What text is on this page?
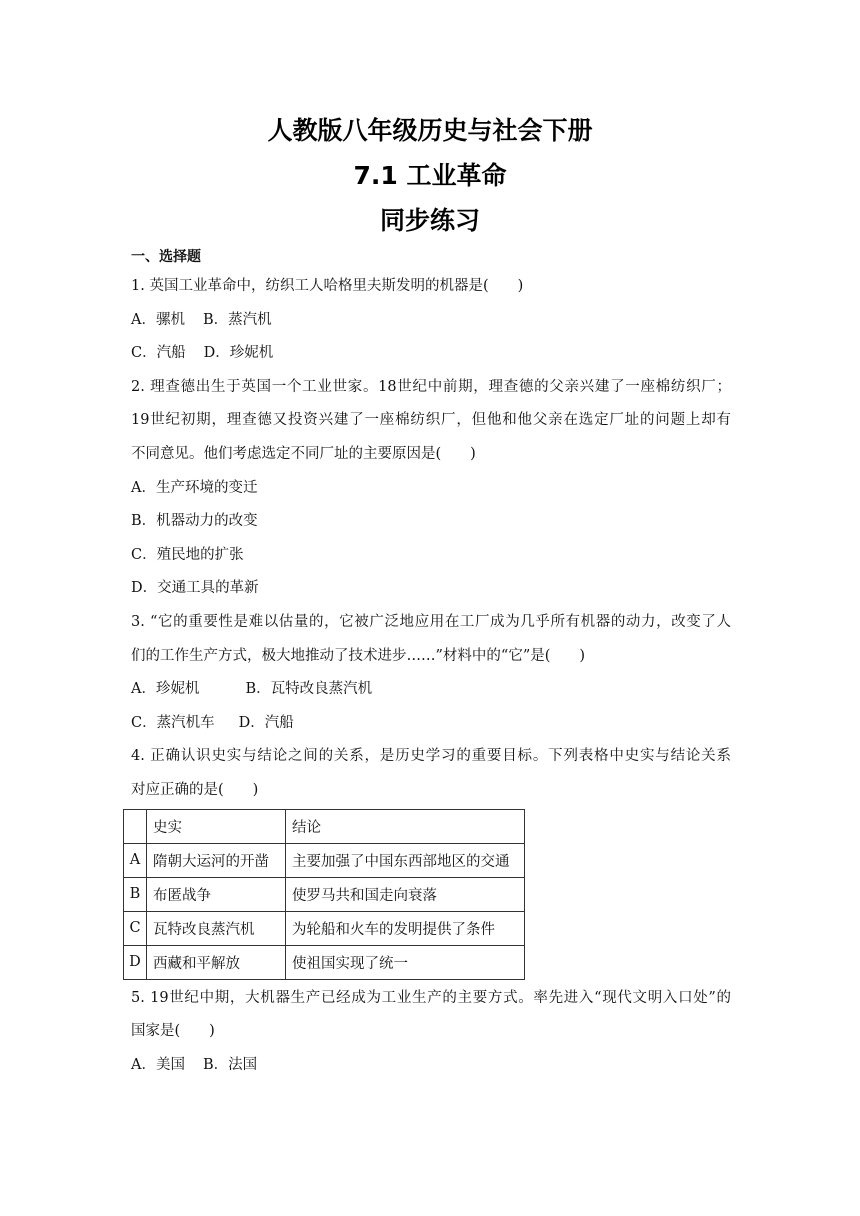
人教版八年级历史与社会下册
7.1 工业革命
同步练习
一、选择题
1. 英国工业革命中，纺织工人哈格里夫斯发明的机器是(　　)
A．骡机 B．蒸汽机
C．汽船 D．珍妮机
2. 理查德出生于英国一个工业世家。18世纪中前期，理查德的父亲兴建了一座棉纺织厂；
19世纪初期，理查德又投资兴建了一座棉纺织厂，但他和他父亲在选定厂址的问题上却有
不同意见。他们考虑选定不同厂址的主要原因是(　　)
A．生产环境的变迁
B．机器动力的改变
C．殖民地的扩张
D．交通工具的革新
3. “它的重要性是难以估量的，它被广泛地应用在工厂成为几乎所有机器的动力，改变了人
们的工作生产方式，极大地推动了技术进步……”材料中的“它”是(　　)
A．珍妮机	B．瓦特改良蒸汽机
C．蒸汽机车 D．汽船
4. 正确认识史实与结论之间的关系，是历史学习的重要目标。下列表格中史实与结论关系
对应正确的是(　　)
	史实	结论
A	隋朝大运河的开凿	主要加强了中国东西部地区的交通
B	布匿战争	使罗马共和国走向衰落
C	瓦特改良蒸汽机	为轮船和火车的发明提供了条件
D	西藏和平解放	使祖国实现了统一
5. 19世纪中期，大机器生产已经成为工业生产的主要方式。率先进入“现代文明入口处”的
国家是(　　)
A．美国 B．法国
